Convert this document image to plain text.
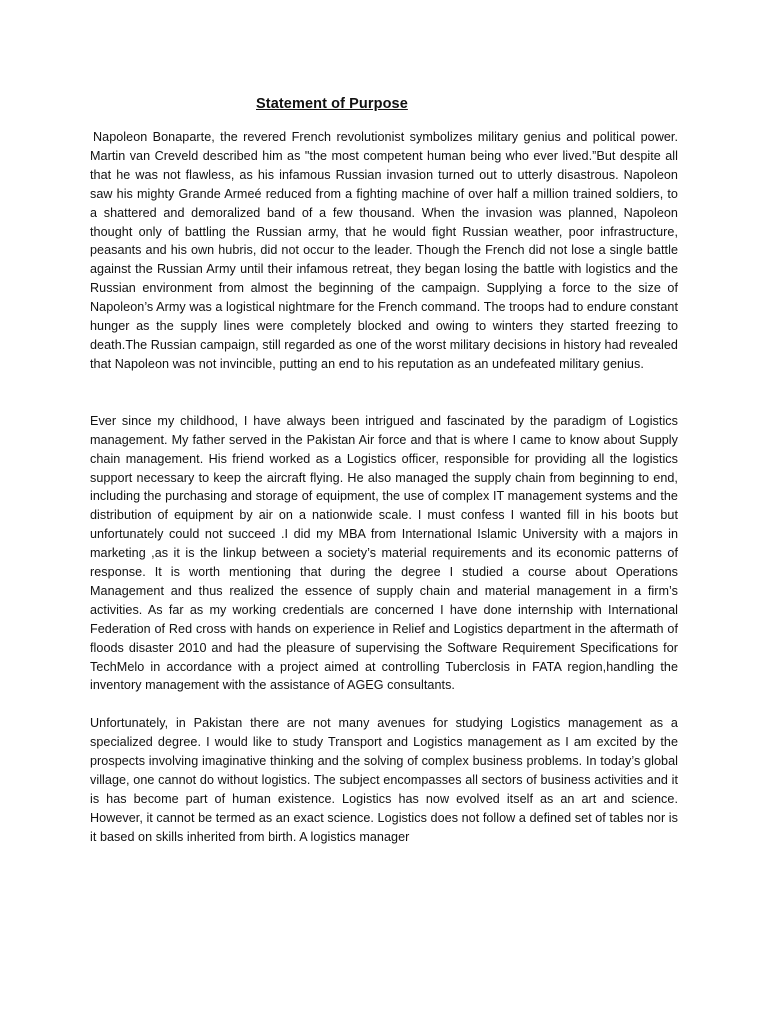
Statement of Purpose

Napoleon Bonaparte, the revered French revolutionist symbolizes military genius and political power. Martin van Creveld described him as "the most competent human being who ever lived.”But despite all that he was not flawless, as his infamous Russian invasion turned out to utterly disastrous. Napoleon saw his mighty Grande Armeé reduced from a fighting machine of over half a million trained soldiers, to a shattered and demoralized band of a few thousand. When the invasion was planned, Napoleon thought only of battling the Russian army, that he would fight Russian weather, poor infrastructure, peasants and his own hubris, did not occur to the leader. Though the French did not lose a single battle against the Russian Army until their infamous retreat, they began losing the battle with logistics and the Russian environment from almost the beginning of the campaign. Supplying a force to the size of Napoleon’s Army was a logistical nightmare for the French command. The troops had to endure constant hunger as the supply lines were completely blocked and owing to winters they started freezing to death.The Russian campaign, still regarded as one of the worst military decisions in history had revealed that Napoleon was not invincible, putting an end to his reputation as an undefeated military genius.

Ever since my childhood, I have always been intrigued and fascinated by the paradigm of Logistics management. My father served in the Pakistan Air force and that is where I came to know about Supply chain management. His friend worked as a Logistics officer, responsible for providing all the logistics support necessary to keep the aircraft flying. He also managed the supply chain from beginning to end, including the purchasing and storage of equipment, the use of complex IT management systems and the distribution of equipment by air on a nationwide scale. I must confess I wanted fill in his boots but unfortunately could not succeed .I did my MBA from International Islamic University with a majors in marketing ,as it is the linkup between a society’s material requirements and its economic patterns of response. It is worth mentioning that during the degree I studied a course about Operations Management and thus realized the essence of supply chain and material management in a firm’s activities. As far as my working credentials are concerned I have done internship with International Federation of Red cross with hands on experience in Relief and Logistics department in the aftermath of floods disaster 2010 and had the pleasure of supervising the Software Requirement Specifications for TechMelo in accordance with a project aimed at controlling Tuberclosis in FATA region,handling the inventory management with the assistance of AGEG consultants.

Unfortunately, in Pakistan there are not many avenues for studying Logistics management as a specialized degree. I would like to study Transport and Logistics management as I am excited by the prospects involving imaginative thinking and the solving of complex business problems. In today’s global village, one cannot do without logistics. The subject encompasses all sectors of business activities and it is has become part of human existence. Logistics has now evolved itself as an art and science. However, it cannot be termed as an exact science. Logistics does not follow a defined set of tables nor is it based on skills inherited from birth. A logistics manager
